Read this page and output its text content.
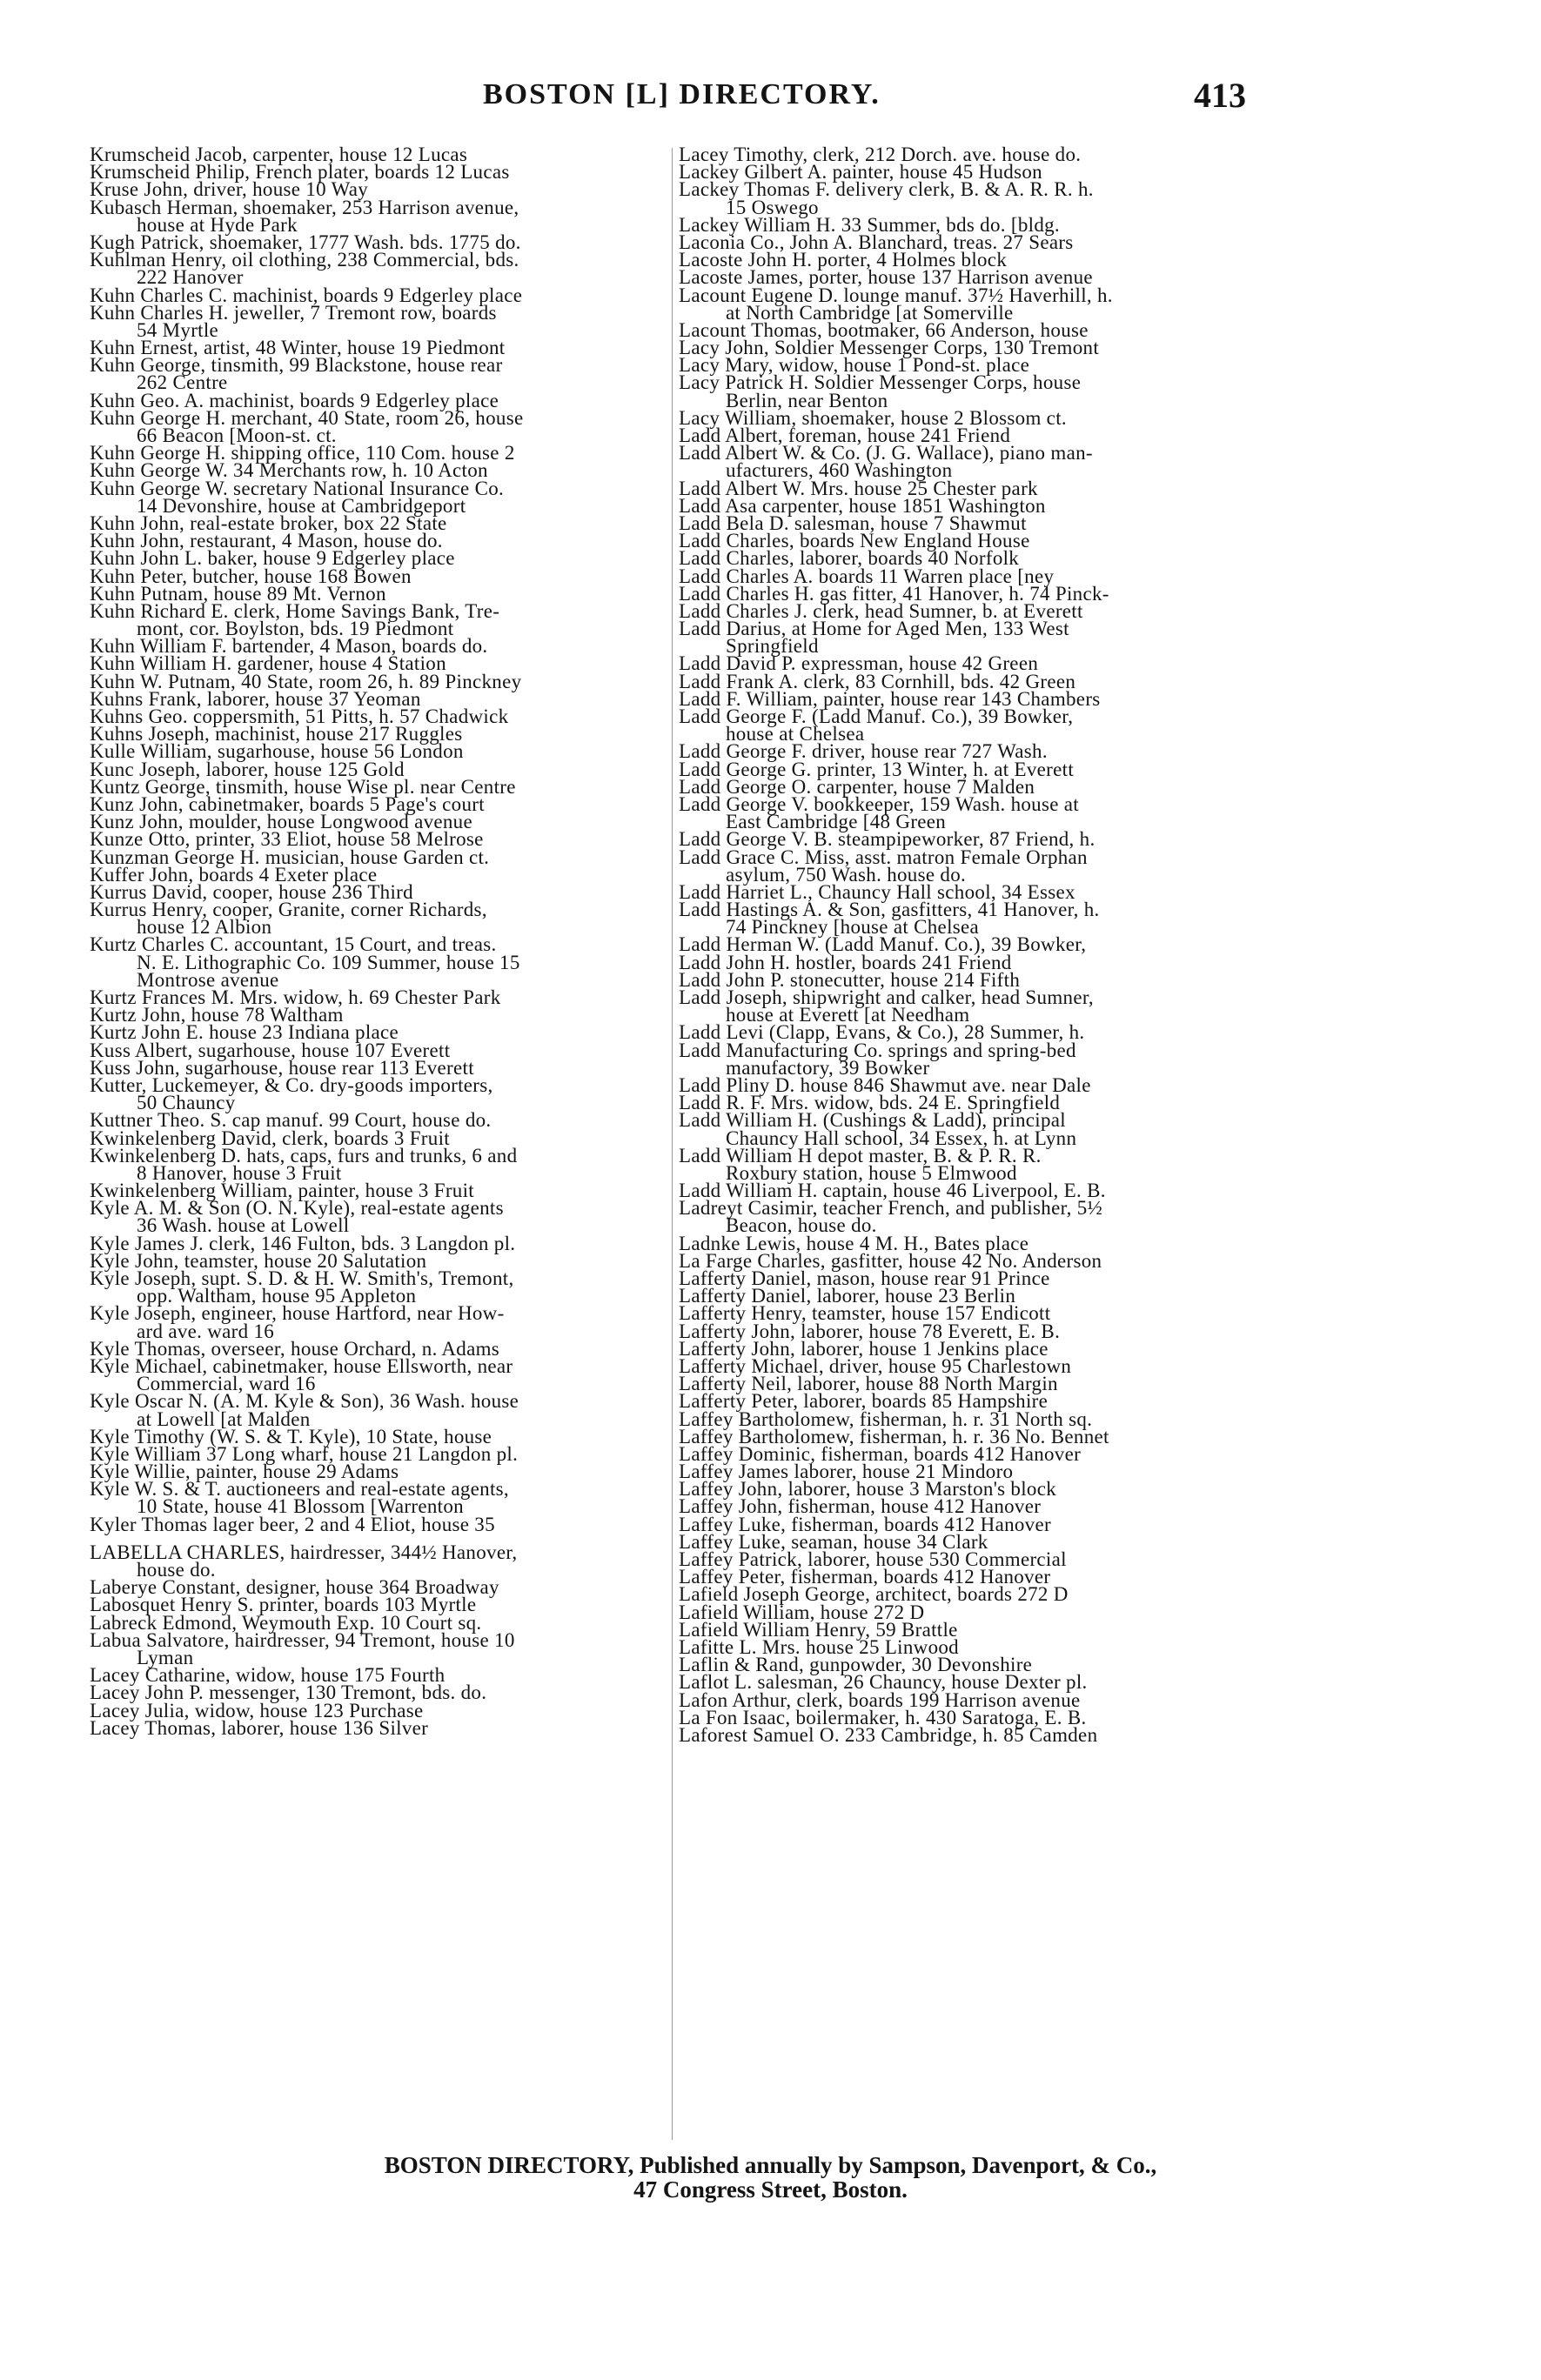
BOSTON [L] DIRECTORY.	413
Krumscheid Jacob, carpenter, house 12 Lucas
Krumscheid Philip, French plater, boards 12 Lucas
Kruse John, driver, house 10 Way
Kubasch Herman, shoemaker, 253 Harrison avenue,
house at Hyde Park
Kugh Patrick, shoemaker, 1777 Wash. bds. 1775 do.
Kuhlman Henry, oil clothing, 238 Commercial, bds.
222 Hanover
Kuhn Charles C. machinist, boards 9 Edgerley place
Kuhn Charles H. jeweller, 7 Tremont row, boards
54 Myrtle
Kuhn Ernest, artist, 48 Winter, house 19 Piedmont
Kuhn George, tinsmith, 99 Blackstone, house rear
262 Centre
Kuhn Geo. A. machinist, boards 9 Edgerley place
Kuhn George H. merchant, 40 State, room 26, house
66 Beacon [Moon-st. ct.
Kuhn George H. shipping office, 110 Com. house 2
Kuhn George W. 34 Merchants row, h. 10 Acton
Kuhn George W. secretary National Insurance Co.
14 Devonshire, house at Cambridgeport
Kuhn John, real-estate broker, box 22 State
Kuhn John, restaurant, 4 Mason, house do.
Kuhn John L. baker, house 9 Edgerley place
Kuhn Peter, butcher, house 168 Bowen
Kuhn Putnam, house 89 Mt. Vernon
Kuhn Richard E. clerk, Home Savings Bank, Tre-
mont, cor. Boylston, bds. 19 Piedmont
Kuhn William F. bartender, 4 Mason, boards do.
Kuhn William H. gardener, house 4 Station
Kuhn W. Putnam, 40 State, room 26, h. 89 Pinckney
Kuhns Frank, laborer, house 37 Yeoman
Kuhns Geo. coppersmith, 51 Pitts, h. 57 Chadwick
Kuhns Joseph, machinist, house 217 Ruggles
Kulle William, sugarhouse, house 56 London
Kunc Joseph, laborer, house 125 Gold
Kuntz George, tinsmith, house Wise pl. near Centre
Kunz John, cabinetmaker, boards 5 Page's court
Kunz John, moulder, house Longwood avenue
Kunze Otto, printer, 33 Eliot, house 58 Melrose
Kunzman George H. musician, house Garden ct.
Kuffer John, boards 4 Exeter place
Kurrus David, cooper, house 236 Third
Kurrus Henry, cooper, Granite, corner Richards,
house 12 Albion
Kurtz Charles C. accountant, 15 Court, and treas.
N. E. Lithographic Co. 109 Summer, house 15
Montrose avenue
Kurtz Frances M. Mrs. widow, h. 69 Chester Park
Kurtz John, house 78 Waltham
Kurtz John E. house 23 Indiana place
Kuss Albert, sugarhouse, house 107 Everett
Kuss John, sugarhouse, house rear 113 Everett
Kutter, Luckemeyer, & Co. dry-goods importers,
50 Chauncy
Kuttner Theo. S. cap manuf. 99 Court, house do.
Kwinkelenberg David, clerk, boards 3 Fruit
Kwinkelenberg D. hats, caps, furs and trunks, 6 and
8 Hanover, house 3 Fruit
Kwinkelenberg William, painter, house 3 Fruit
Kyle A. M. & Son (O. N. Kyle), real-estate agents
36 Wash. house at Lowell
Kyle James J. clerk, 146 Fulton, bds. 3 Langdon pl.
Kyle John, teamster, house 20 Salutation
Kyle Joseph, supt. S. D. & H. W. Smith's, Tremont,
opp. Waltham, house 95 Appleton
Kyle Joseph, engineer, house Hartford, near How-
ard ave. ward 16
Kyle Thomas, overseer, house Orchard, n. Adams
Kyle Michael, cabinetmaker, house Ellsworth, near
Commercial, ward 16
Kyle Oscar N. (A. M. Kyle & Son), 36 Wash. house
at Lowell [at Malden
Kyle Timothy (W. S. & T. Kyle), 10 State, house
Kyle William 37 Long wharf, house 21 Langdon pl.
Kyle Willie, painter, house 29 Adams
Kyle W. S. & T. auctioneers and real-estate agents,
10 State, house 41 Blossom [Warrenton
Kyler Thomas lager beer, 2 and 4 Eliot, house 35
LABELLA CHARLES, hairdresser, 344½ Hanover,
house do.
Laberye Constant, designer, house 364 Broadway
Labosquet Henry S. printer, boards 103 Myrtle
Labreck Edmond, Weymouth Exp. 10 Court sq.
Labua Salvatore, hairdresser, 94 Tremont, house 10
Lyman
Lacey Catharine, widow, house 175 Fourth
Lacey John P. messenger, 130 Tremont, bds. do.
Lacey Julia, widow, house 123 Purchase
Lacey Thomas, laborer, house 136 Silver
Lacey Timothy, clerk, 212 Dorch. ave. house do.
Lackey Gilbert A. painter, house 45 Hudson
Lackey Thomas F. delivery clerk, B. & A. R. R. h.
15 Oswego
Lackey William H. 33 Summer, bds do. [bldg.
Laconia Co., John A. Blanchard, treas. 27 Sears
Lacoste John H. porter, 4 Holmes block
Lacoste James, porter, house 137 Harrison avenue
Lacount Eugene D. lounge manuf. 37½ Haverhill, h.
at North Cambridge [at Somerville
Lacount Thomas, bootmaker, 66 Anderson, house
Lacy John, Soldier Messenger Corps, 130 Tremont
Lacy Mary, widow, house 1 Pond-st. place
Lacy Patrick H. Soldier Messenger Corps, house
Berlin, near Benton
Lacy William, shoemaker, house 2 Blossom ct.
Ladd Albert, foreman, house 241 Friend
Ladd Albert W. & Co. (J. G. Wallace), piano man-
ufacturers, 460 Washington
Ladd Albert W. Mrs. house 25 Chester park
Ladd Asa carpenter, house 1851 Washington
Ladd Bela D. salesman, house 7 Shawmut
Ladd Charles, boards New England House
Ladd Charles, laborer, boards 40 Norfolk
Ladd Charles A. boards 11 Warren place [ney
Ladd Charles H. gas fitter, 41 Hanover, h. 74 Pinck-
Ladd Charles J. clerk, head Sumner, b. at Everett
Ladd Darius, at Home for Aged Men, 133 West
Springfield
Ladd David P. expressman, house 42 Green
Ladd Frank A. clerk, 83 Cornhill, bds. 42 Green
Ladd F. William, painter, house rear 143 Chambers
Ladd George F. (Ladd Manuf. Co.), 39 Bowker,
house at Chelsea
Ladd George F. driver, house rear 727 Wash.
Ladd George G. printer, 13 Winter, h. at Everett
Ladd George O. carpenter, house 7 Malden
Ladd George V. bookkeeper, 159 Wash. house at
East Cambridge [48 Green
Ladd George V. B. steampipeworker, 87 Friend, h.
Ladd Grace C. Miss, asst. matron Female Orphan
asylum, 750 Wash. house do.
Ladd Harriet L., Chauncy Hall school, 34 Essex
Ladd Hastings A. & Son, gasfitters, 41 Hanover, h.
74 Pinckney [house at Chelsea
Ladd Herman W. (Ladd Manuf. Co.), 39 Bowker,
Ladd John H. hostler, boards 241 Friend
Ladd John P. stonecutter, house 214 Fifth
Ladd Joseph, shipwright and calker, head Sumner,
house at Everett [at Needham
Ladd Levi (Clapp, Evans, & Co.), 28 Summer, h.
Ladd Manufacturing Co. springs and spring-bed
manufactory, 39 Bowker
Ladd Pliny D. house 846 Shawmut ave. near Dale
Ladd R. F. Mrs. widow, bds. 24 E. Springfield
Ladd William H. (Cushings & Ladd), principal
Chauncy Hall school, 34 Essex, h. at Lynn
Ladd William H depot master, B. & P. R. R.
Roxbury station, house 5 Elmwood
Ladd William H. captain, house 46 Liverpool, E. B.
Ladreyt Casimir, teacher French, and publisher, 5½
Beacon, house do.
Ladnke Lewis, house 4 M. H., Bates place
La Farge Charles, gasfitter, house 42 No. Anderson
Lafferty Daniel, mason, house rear 91 Prince
Lafferty Daniel, laborer, house 23 Berlin
Lafferty Henry, teamster, house 157 Endicott
Lafferty John, laborer, house 78 Everett, E. B.
Lafferty John, laborer, house 1 Jenkins place
Lafferty Michael, driver, house 95 Charlestown
Lafferty Neil, laborer, house 88 North Margin
Lafferty Peter, laborer, boards 85 Hampshire
Laffey Bartholomew, fisherman, h. r. 31 North sq.
Laffey Bartholomew, fisherman, h. r. 36 No. Bennet
Laffey Dominic, fisherman, boards 412 Hanover
Laffey James laborer, house 21 Mindoro
Laffey John, laborer, house 3 Marston's block
Laffey John, fisherman, house 412 Hanover
Laffey Luke, fisherman, boards 412 Hanover
Laffey Luke, seaman, house 34 Clark
Laffey Patrick, laborer, house 530 Commercial
Laffey Peter, fisherman, boards 412 Hanover
Lafield Joseph George, architect, boards 272 D
Lafield William, house 272 D
Lafield William Henry, 59 Brattle
Lafitte L. Mrs. house 25 Linwood
Laflin & Rand, gunpowder, 30 Devonshire
Laflot L. salesman, 26 Chauncy, house Dexter pl.
Lafon Arthur, clerk, boards 199 Harrison avenue
La Fon Isaac, boilermaker, h. 430 Saratoga, E. B.
Laforest Samuel O. 233 Cambridge, h. 85 Camden
BOSTON DIRECTORY, Published annually by Sampson, Davenport, & Co.,
47 Congress Street, Boston.
